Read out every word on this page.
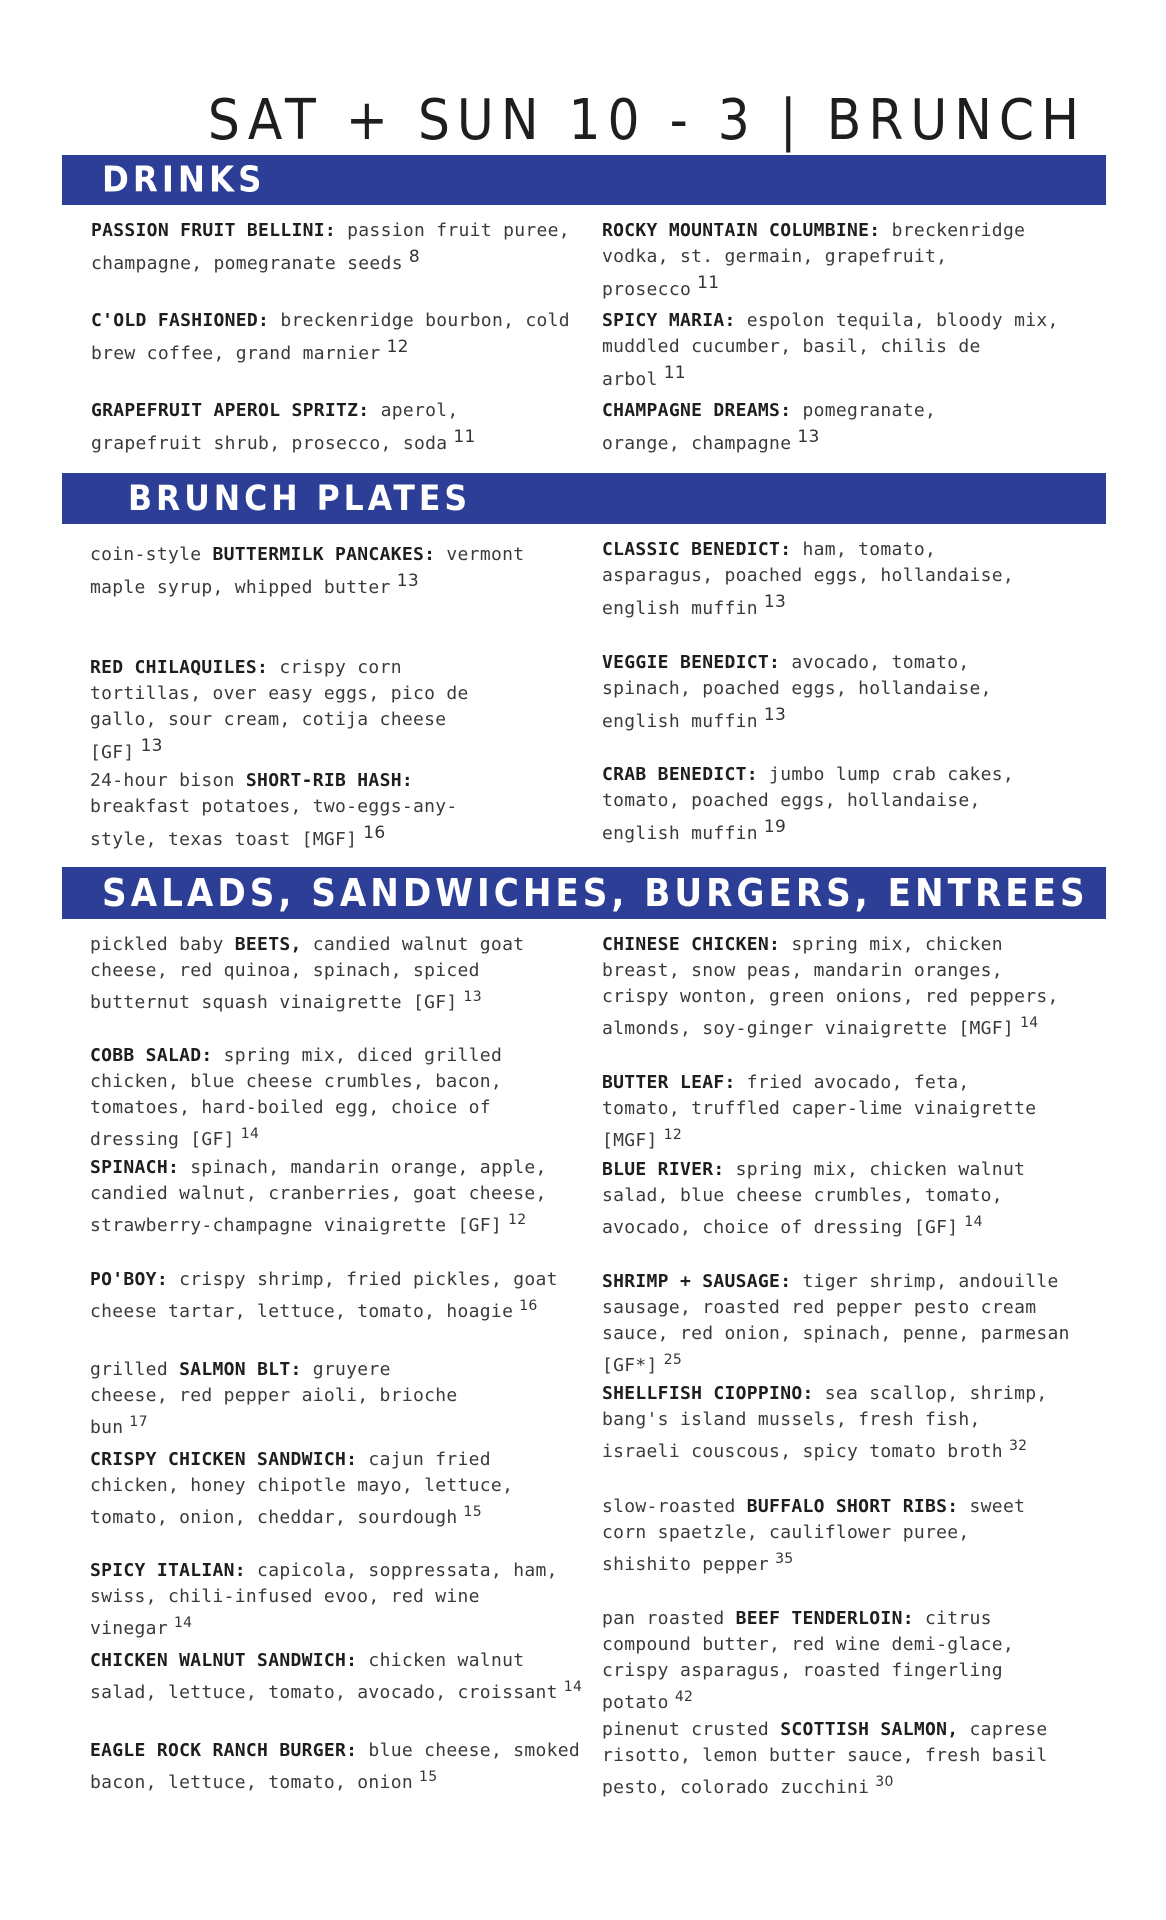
SAT + SUN 10 - 3 | BRUNCH
DRINKS
PASSION FRUIT BELLINI: passion fruit puree, champagne, pomegranate seeds 8
ROCKY MOUNTAIN COLUMBINE: breckenridge vodka, st. germain, grapefruit, prosecco 11
C'OLD FASHIONED: breckenridge bourbon, cold brew coffee, grand marnier 12
SPICY MARIA: espolon tequila, bloody mix, muddled cucumber, basil, chilis de arbol 11
GRAPEFRUIT APEROL SPRITZ: aperol, grapefruit shrub, prosecco, soda 11
CHAMPAGNE DREAMS: pomegranate, orange, champagne 13
BRUNCH PLATES
coin-style BUTTERMILK PANCAKES: vermont maple syrup, whipped butter 13
CLASSIC BENEDICT: ham, tomato, asparagus, poached eggs, hollandaise, english muffin 13
RED CHILAQUILES: crispy corn tortillas, over easy eggs, pico de gallo, sour cream, cotija cheese [GF] 13
VEGGIE BENEDICT: avocado, tomato, spinach, poached eggs, hollandaise, english muffin 13
24-hour bison SHORT-RIB HASH: breakfast potatoes, two-eggs-any-style, texas toast [MGF] 16
CRAB BENEDICT: jumbo lump crab cakes, tomato, poached eggs, hollandaise, english muffin 19
SALADS, SANDWICHES, BURGERS, ENTREES
pickled baby BEETS, candied walnut goat cheese, red quinoa, spinach, spiced butternut squash vinaigrette [GF] $^{13}$
COBB SALAD: spring mix, diced grilled chicken, blue cheese crumbles, bacon, tomatoes, hard-boiled egg, choice of dressing [GF] $^{14}$
SPINACH: spinach, mandarin orange, apple, candied walnut, cranberries, goat cheese, strawberry-champagne vinaigrette [GF] $^{12}$
PO'BOY: crispy shrimp, fried pickles, goat cheese tartar, lettuce, tomato, hoagie $^{16}$
grilled SALMON BLT: gruyere cheese, red pepper aioli, brioche bun $^{17}$
CRISPY CHICKEN SANDWICH: cajun fried chicken, honey chipotle mayo, lettuce, tomato, onion, cheddar, sourdough $^{15}$
SPICY ITALIAN: capicola, soppressata, ham, swiss, chili-infused evoo, red wine vinegar $^{14}$
CHICKEN WALNUT SANDWICH: chicken walnut salad, lettuce, tomato, avocado, croissant $^{14}$
EAGLE ROCK RANCH BURGER: blue cheese, smoked bacon, lettuce, tomato, onion $^{15}$
CHINESE CHICKEN: spring mix, chicken breast, snow peas, mandarin oranges, crispy wonton, green onions, red peppers, almonds, soy-ginger vinaigrette [MGF] $^{14}$
BUTTER LEAF: fried avocado, feta, tomato, truffled caper-lime vinaigrette [MGF] $^{12}$
BLUE RIVER: spring mix, chicken walnut salad, blue cheese crumbles, tomato, avocado, choice of dressing [GF] $^{14}$
SHRIMP + SAUSAGE: tiger shrimp, andouille sausage, roasted red pepper pesto cream sauce, red onion, spinach, penne, parmesan [GF*] $^{25}$
SHELLFISH CIOPPINO: sea scallop, shrimp, bang's island mussels, fresh fish, israeli couscous, spicy tomato broth $^{32}$
slow-roasted BUFFALO SHORT RIBS: sweet corn spaetzle, cauliflower puree, shishito pepper $^{35}$
pan roasted BEEF TENDERLOIN: citrus compound butter, red wine demi-glace, crispy asparagus, roasted fingerling potato $^{42}$
pinenut crusted SCOTTISH SALMON, caprese risotto, lemon butter sauce, fresh basil pesto, colorado zucchini $^{30}$
